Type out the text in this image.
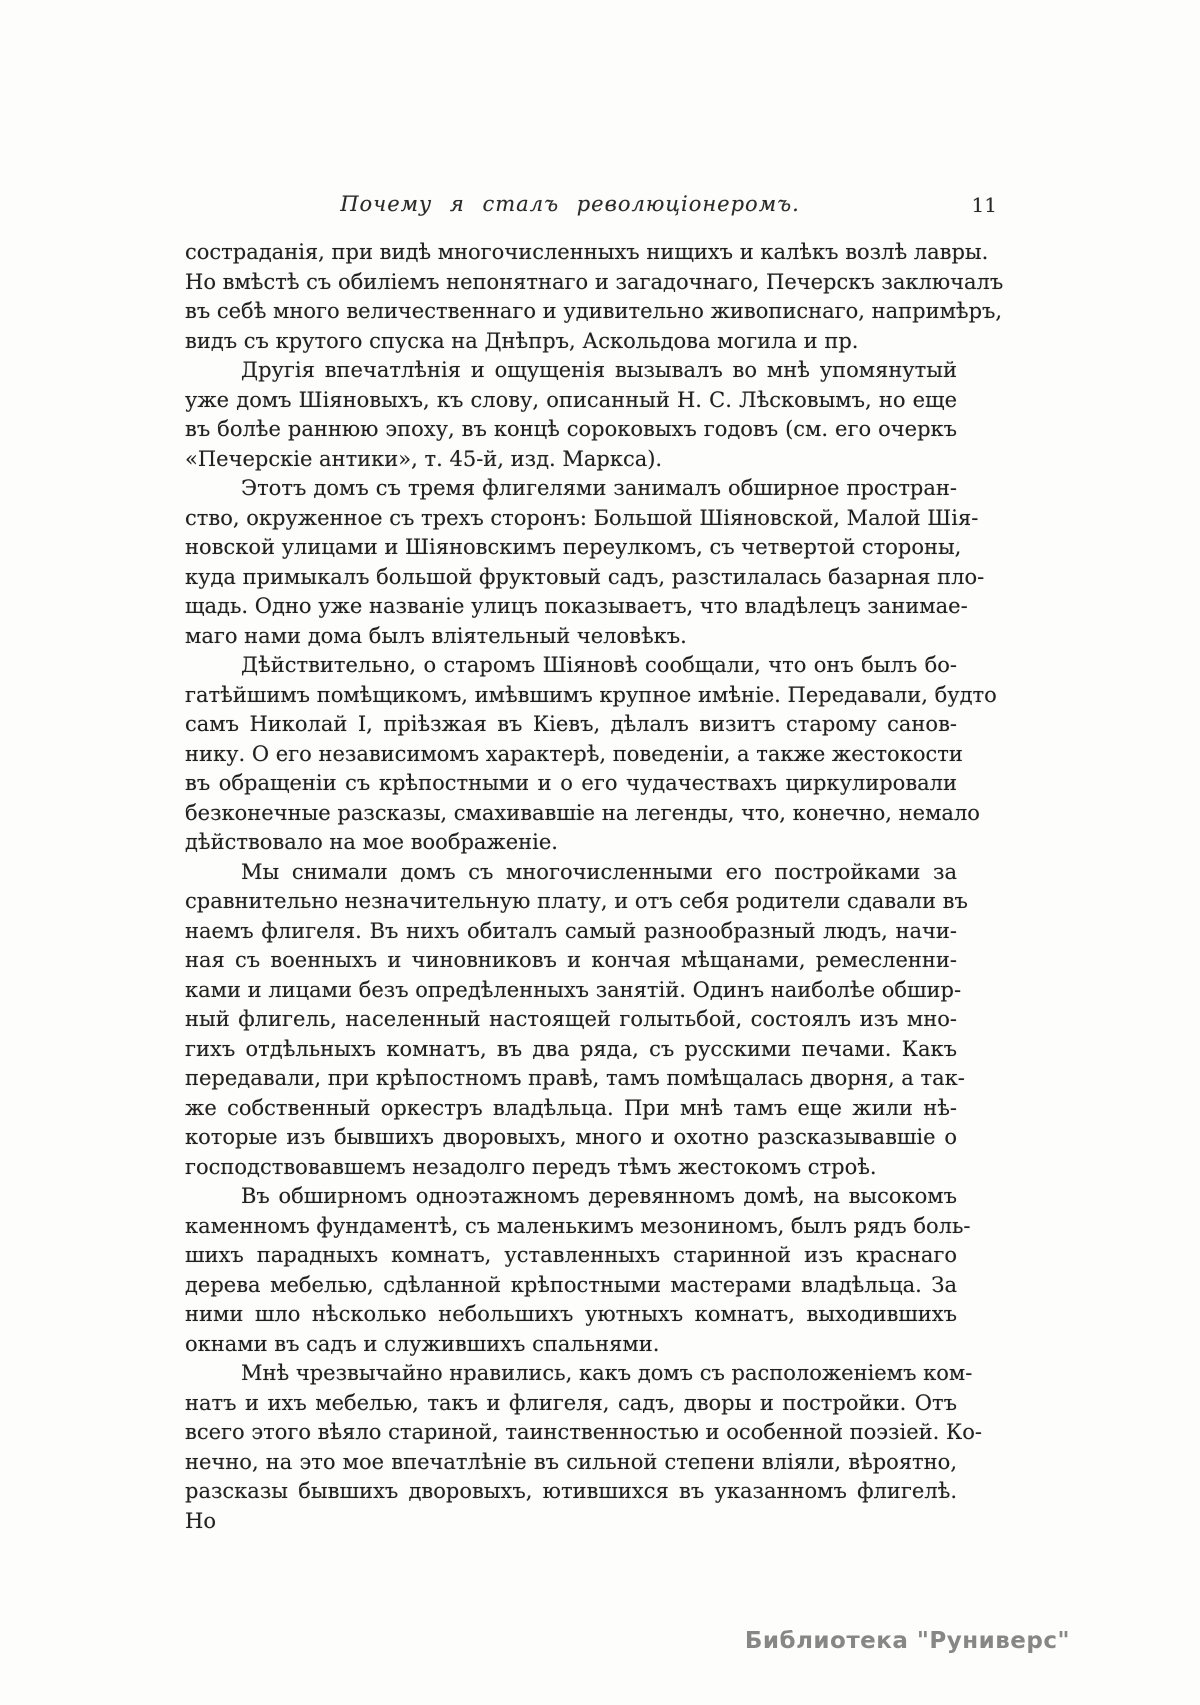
Почему я сталъ революціонеромъ.	11

состраданія, при видѣ многочисленныхъ нищихъ и калѣкъ возлѣ лавры.
Но вмѣстѣ съ обиліемъ непонятнаго и загадочнаго, Печерскъ заключалъ
въ себѣ много величественнаго и удивительно живописнаго, напримѣръ,
видъ съ крутого спуска на Днѣпръ, Аскольдова могила и пр.

Другія впечатлѣнія и ощущенія вызывалъ во мнѣ упомянутый
уже домъ Шіяновыхъ, къ слову, описанный Н. С. Лѣсковымъ, но еще
въ болѣе раннюю эпоху, въ концѣ сороковыхъ годовъ (см. его очеркъ
«Печерскіе антики», т. 45-й, изд. Маркса).

Этотъ домъ съ тремя флигелями занималъ обширное простран-
ство, окруженное съ трехъ сторонъ: Большой Шіяновской, Малой Шія-
новской улицами и Шіяновскимъ переулкомъ, съ четвертой стороны,
куда примыкалъ большой фруктовый садъ, разстилалась базарная пло-
щадь. Одно уже названіе улицъ показываетъ, что владѣлецъ занимае-
маго нами дома былъ вліятельный человѣкъ.

Дѣйствительно, о старомъ Шіяновѣ сообщали, что онъ былъ бо-
гатѣйшимъ помѣщикомъ, имѣвшимъ крупное имѣніе. Передавали, будто
самъ Николай I, пріѣзжая въ Кіевъ, дѣлалъ визитъ старому санов-
нику. О его независимомъ характерѣ, поведеніи, а также жестокости
въ обращеніи съ крѣпостными и о его чудачествахъ циркулировали
безконечные разсказы, смахивавшіе на легенды, что, конечно, немало
дѣйствовало на мое воображеніе.

Мы снимали домъ съ многочисленными его постройками за
сравнительно незначительную плату, и отъ себя родители сдавали въ
наемъ флигеля. Въ нихъ обиталъ самый разнообразный людъ, начи-
ная съ военныхъ и чиновниковъ и кончая мѣщанами, ремесленни-
ками и лицами безъ опредѣленныхъ занятій. Одинъ наиболѣе обшир-
ный флигель, населенный настоящей голытьбой, состоялъ изъ мно-
гихъ отдѣльныхъ комнатъ, въ два ряда, съ русскими печами. Какъ
передавали, при крѣпостномъ правѣ, тамъ помѣщалась дворня, а так-
же собственный оркестръ владѣльца. При мнѣ тамъ еще жили нѣ-
которые изъ бывшихъ дворовыхъ, много и охотно разсказывавшіе о
господствовавшемъ незадолго передъ тѣмъ жестокомъ строѣ.

Въ обширномъ одноэтажномъ деревянномъ домѣ, на высокомъ
каменномъ фундаментѣ, съ маленькимъ мезониномъ, былъ рядъ боль-
шихъ парадныхъ комнатъ, уставленныхъ старинной изъ краснаго
дерева мебелью, сдѣланной крѣпостными мастерами владѣльца. За
ними шло нѣсколько небольшихъ уютныхъ комнатъ, выходившихъ
окнами въ садъ и служившихъ спальнями.

Мнѣ чрезвычайно нравились, какъ домъ съ расположеніемъ ком-
натъ и ихъ мебелью, такъ и флигеля, садъ, дворы и постройки. Отъ
всего этого вѣяло стариной, таинственностью и особенной поэзіей. Ко-
нечно, на это мое впечатлѣніе въ сильной степени вліяли, вѣроятно,
разсказы бывшихъ дворовыхъ, ютившихся въ указанномъ флигелѣ. Но

Библиотека "Руниверс"
